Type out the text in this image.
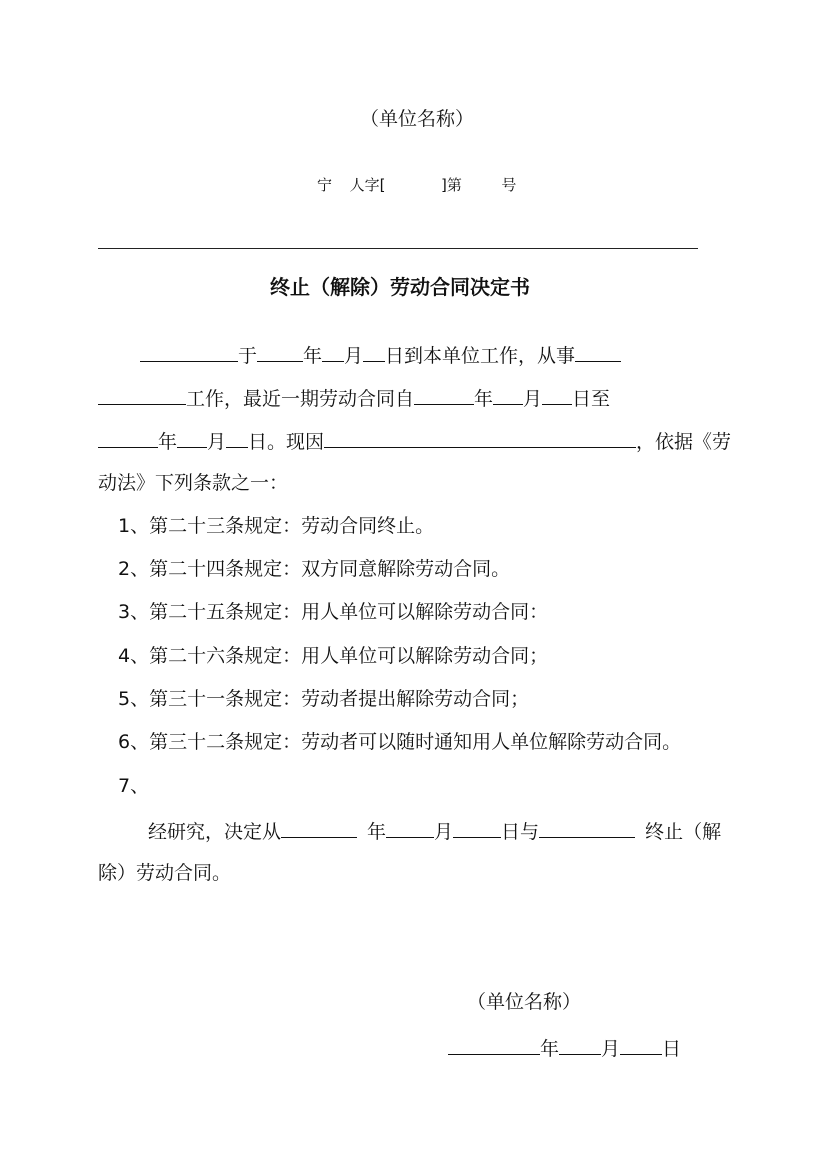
（单位名称）
宁 人字[	]第	号
终止（解除）劳动合同决定书
于 年 月 日到本单位工作，从事
工作，最近一期劳动合同自	年 月 日至
年 月 日。现因	，依据《劳
动法》下列条款之一：
1、第二十三条规定：劳动合同终止。
2、第二十四条规定：双方同意解除劳动合同。
3、第二十五条规定：用人单位可以解除劳动合同：
4、第二十六条规定：用人单位可以解除劳动合同；
5、第三十一条规定：劳动者提出解除劳动合同；
6、第三十二条规定：劳动者可以随时通知用人单位解除劳动合同。
7、
经研究，决定从	年	月	日与	终止（解
除）劳动合同。
（单位名称）
年 月 日
